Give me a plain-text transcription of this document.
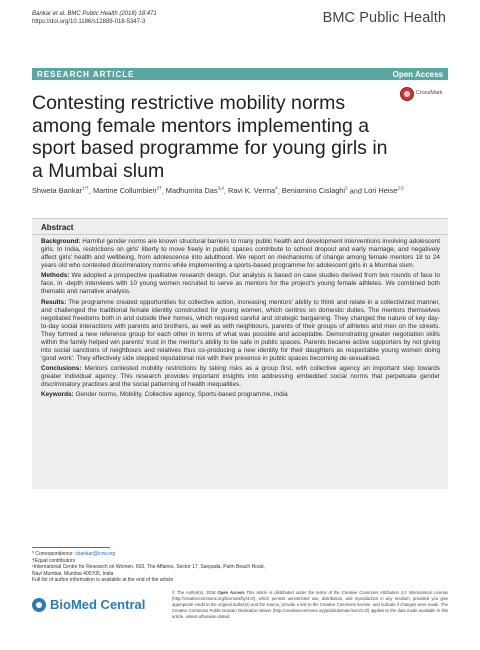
Bankar et al. BMC Public Health (2018) 18:471
https://doi.org/10.1186/s12889-018-5347-3	BMC Public Health
RESEARCH ARTICLE	Open Access
CrossMark
Contesting restrictive mobility norms among female mentors implementing a sport based programme for young girls in a Mumbai slum
Shweta Bankar$^{1*\dagger}$, Martine Collumbien$^{2\dagger}$, Madhumita Das$^{3,4}$, Ravi K. Verma$^4$, Beniamino Cislaghi$^2$ and Lori Heise$^{2,5}$
Abstract

Background: Harmful gender norms are known structural barriers to many public health and development interventions involving adolescent girls. In India, restrictions on girls' liberty to move freely in public spaces contribute to school dropout and early marriage, and negatively affect girls' health and wellbeing, from adolescence into adulthood. We report on mechanisms of change among female mentors 18 to 24 years old who contested discriminatory norms while implementing a sports-based programme for adolescent girls in a Mumbai slum.

Methods: We adopted a prospective qualitative research design. Our analysis is based on case studies derived from two rounds of face to face, in -depth interviews with 10 young women recruited to serve as mentors for the project's young female athletes. We combined both thematic and narrative analysis.

Results: The programme created opportunities for collective action, increasing mentors' ability to think and relate in a collectivized manner, and challenged the traditional female identity constructed for young women, which centres on domestic duties. The mentors themselves negotiated freedoms both in and outside their homes, which required careful and strategic bargaining. They changed the nature of key day-to-day social interactions with parents and brothers, as well as with neighbours, parents of their groups of athletes and men on the streets. They formed a new reference group for each other in terms of what was possible and acceptable. Demonstrating greater negotiation skills within the family helped win parents' trust in the mentor's ability to be safe in public spaces. Parents became active supporters by not giving into social sanctions of neighbours and relatives thus co-producing a new identity for their daughters as respectable young women doing 'good work'. They effectively side stepped reputational risk with their presence in public spaces becoming de-sexualised.

Conclusions: Mentors contested mobility restrictions by taking risks as a group first, with collective agency an important step towards greater individual agency. This research provides important insights into addressing embedded social norms that perpetuate gender discriminatory practices and the social patterning of health inequalities.

Keywords: Gender norms, Mobility, Collective agency, Sports-based programme, India

* Correspondence: sbankar@icrw.org
†Equal contributors
¹International Centre for Research on Women, 603, The Affaires, Sector 17, Sanpada, Palm Beach Road, Navi Mumbai, Mumbai 400705, India
Full list of author information is available at the end of the article
BioMed Central
© The Author(s). 2018 Open Access This article is distributed under the terms of the Creative Commons Attribution 4.0 International License (http://creativecommons.org/licenses/by/4.0/), which permits unrestricted use, distribution, and reproduction in any medium, provided you give appropriate credit to the original author(s) and the source, provide a link to the Creative Commons license, and indicate if changes were made. The Creative Commons Public Domain Dedication waiver (http://creativecommons.org/publicdomain/zero/1.0/) applies to the data made available in this article, unless otherwise stated.
